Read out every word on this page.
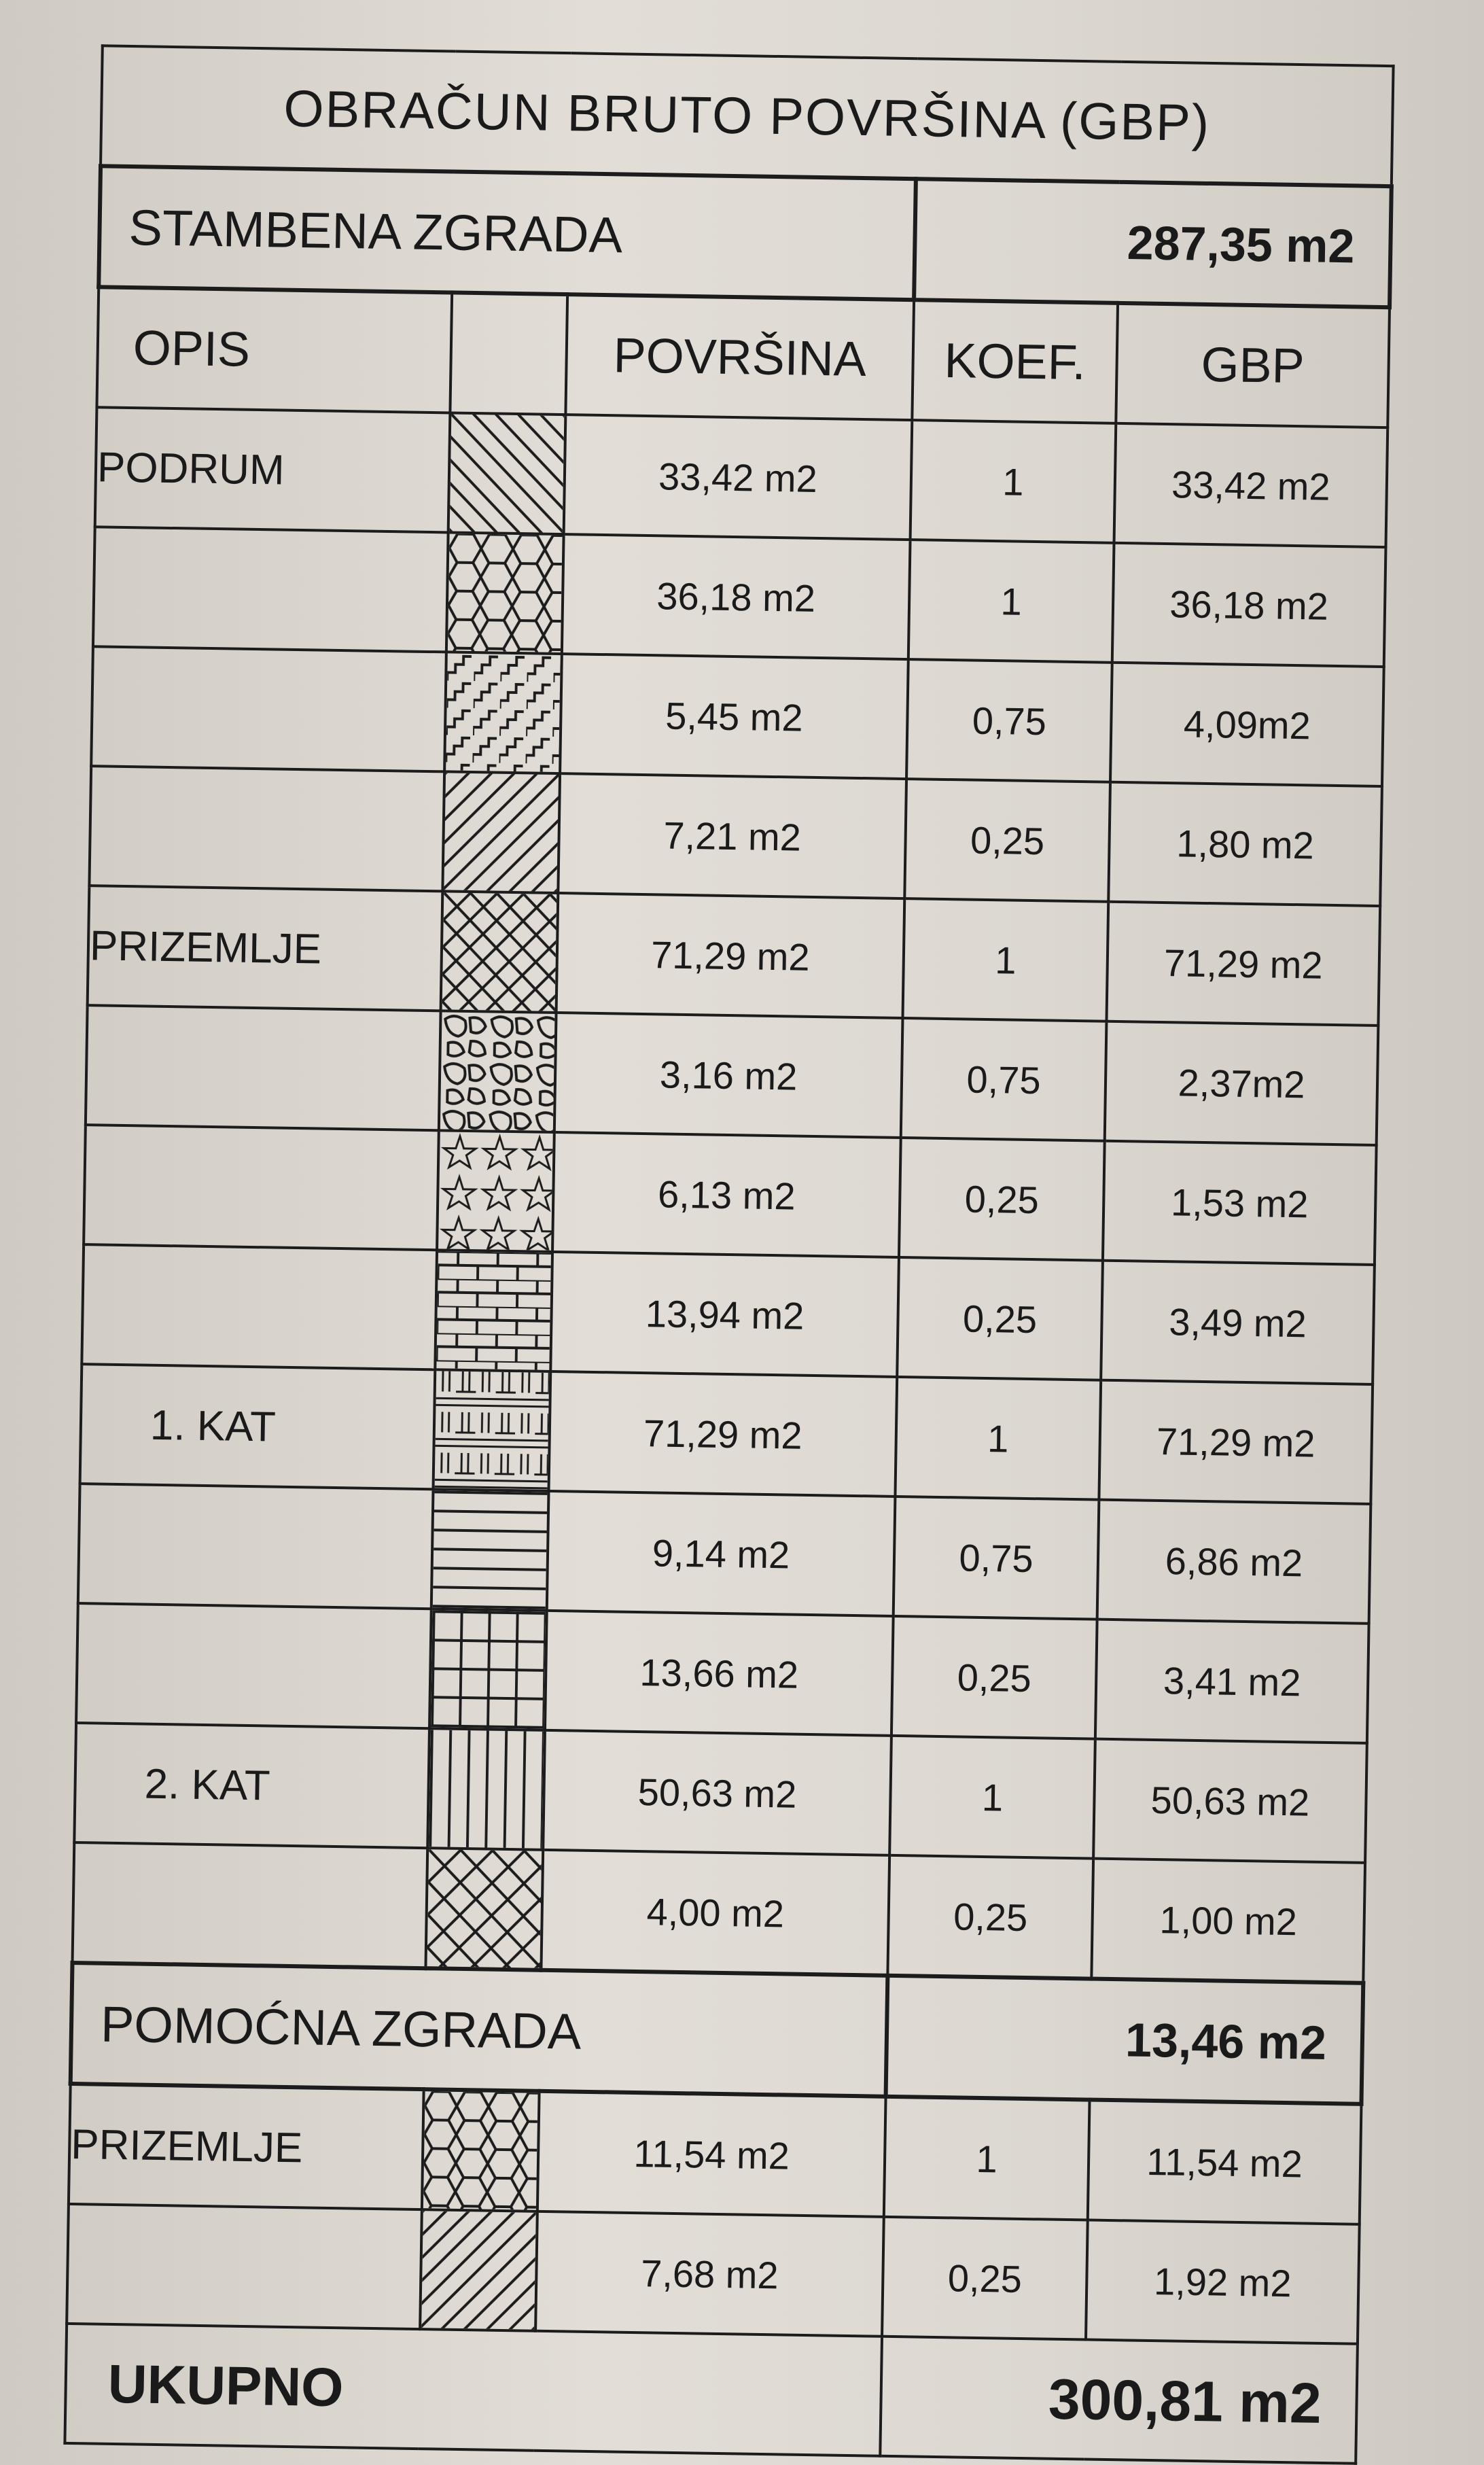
OBRAČUN BRUTO POVRŠINA (GBP)				
STAMBENA ZGRADA			287,35 m2	
OPIS		POVRŠINA	KOEF.	GBP
PODRUM		33,42 m2	1	33,42 m2

	36,18 m2	1	36,18 m2

	5,45 m2	0,75	4,09m2

	7,21 m2	0,25	1,80 m2
PRIZEMLJE		71,29 m2	1	71,29 m2

	3,16 m2	0,75	2,37m2

	6,13 m2	0,25	1,53 m2

	13,94 m2	0,25	3,49 m2
1. KAT		71,29 m2	1	71,29 m2

	9,14 m2	0,75	6,86 m2

	13,66 m2	0,25	3,41 m2
2. KAT		50,63 m2	1	50,63 m2

	4,00 m2	0,25	1,00 m2
POMOĆNA ZGRADA			13,46 m2	
PRIZEMLJE		11,54 m2	1	11,54 m2

	7,68 m2	0,25	1,92 m2
UKUPNO			300,81 m2	
